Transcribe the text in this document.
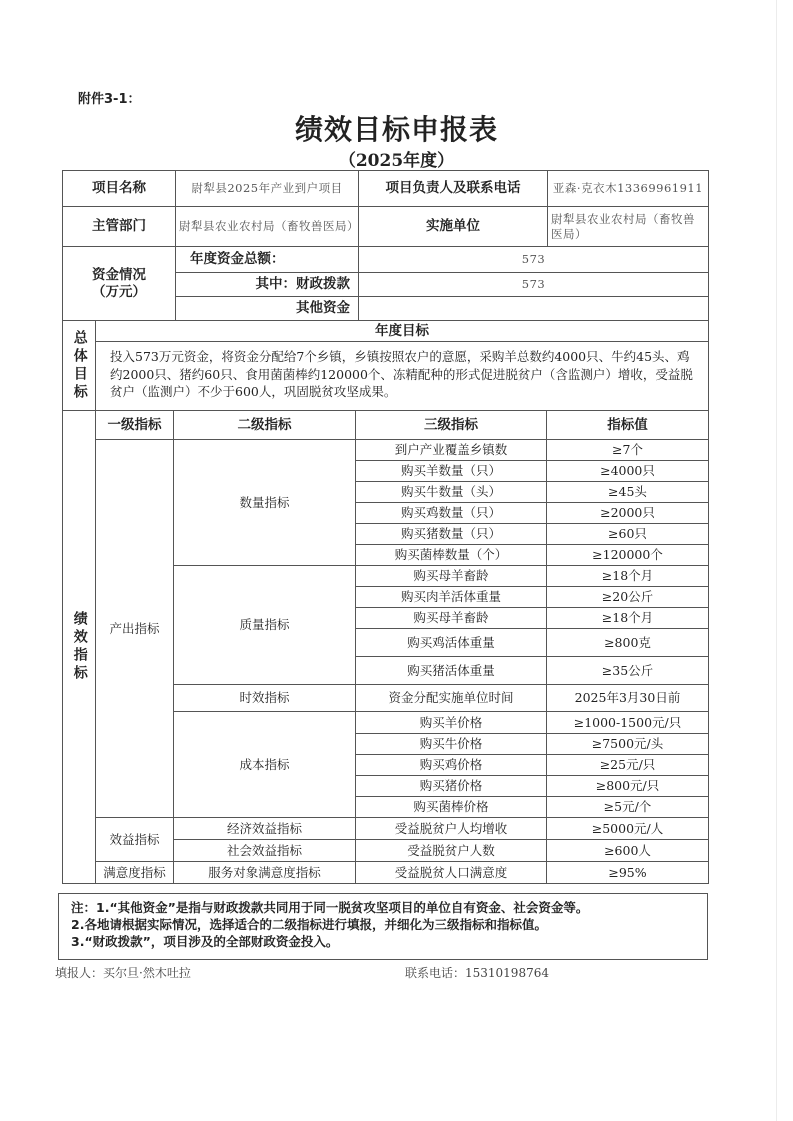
附件3-1：
绩效目标申报表
（2025年度）
项目名称	尉犁县2025年产业到户项目	项目负责人及联系电话	亚森·克衣木13369961911
主管部门	尉犁县农业农村局（畜牧兽医局）	实施单位	尉犁县农业农村局（畜牧兽医局）
资金情况
（万元）	年度资金总额：	573	
	其中：财政拨款	573	
	其他资金		
总体目标	年度目标
投入573万元资金，将资金分配给7个乡镇，乡镇按照农户的意愿，采购羊总数约4000只、牛约45头、鸡约2000只、猪约60只、食用菌菌棒约120000个、冻精配种的形式促进脱贫户（含监测户）增收，受益脱贫户（监测户）不少于600人，巩固脱贫攻坚成果。
绩效指标	一级指标	二级指标	三级指标	指标值
	产出指标	数量指标	到户产业覆盖乡镇数	≥7个
			购买羊数量（只）	≥4000只
			购买牛数量（头）	≥45头
			购买鸡数量（只）	≥2000只
			购买猪数量（只）	≥60只
			购买菌棒数量（个）	≥120000个
		质量指标	购买母羊畜龄	≥18个月
			购买肉羊活体重量	≥20公斤
			购买母羊畜龄	≥18个月
			购买鸡活体重量	≥800克
			购买猪活体重量	≥35公斤
		时效指标	资金分配实施单位时间	2025年3月30日前
		成本指标	购买羊价格	≥1000-1500元/只
			购买牛价格	≥7500元/头
			购买鸡价格	≥25元/只
			购买猪价格	≥800元/只
			购买菌棒价格	≥5元/个
	效益指标	经济效益指标	受益脱贫户人均增收	≥5000元/人
		社会效益指标	受益脱贫户人数	≥600人
	满意度指标	服务对象满意度指标	受益脱贫人口满意度	≥95%
注：1.“其他资金”是指与财政拨款共同用于同一脱贫攻坚项目的单位自有资金、社会资金等。
2.各地请根据实际情况，选择适合的二级指标进行填报，并细化为三级指标和指标值。
3.“财政拨款”，项目涉及的全部财政资金投入。
填报人：买尔旦·然木吐拉	联系电话：15310198764
